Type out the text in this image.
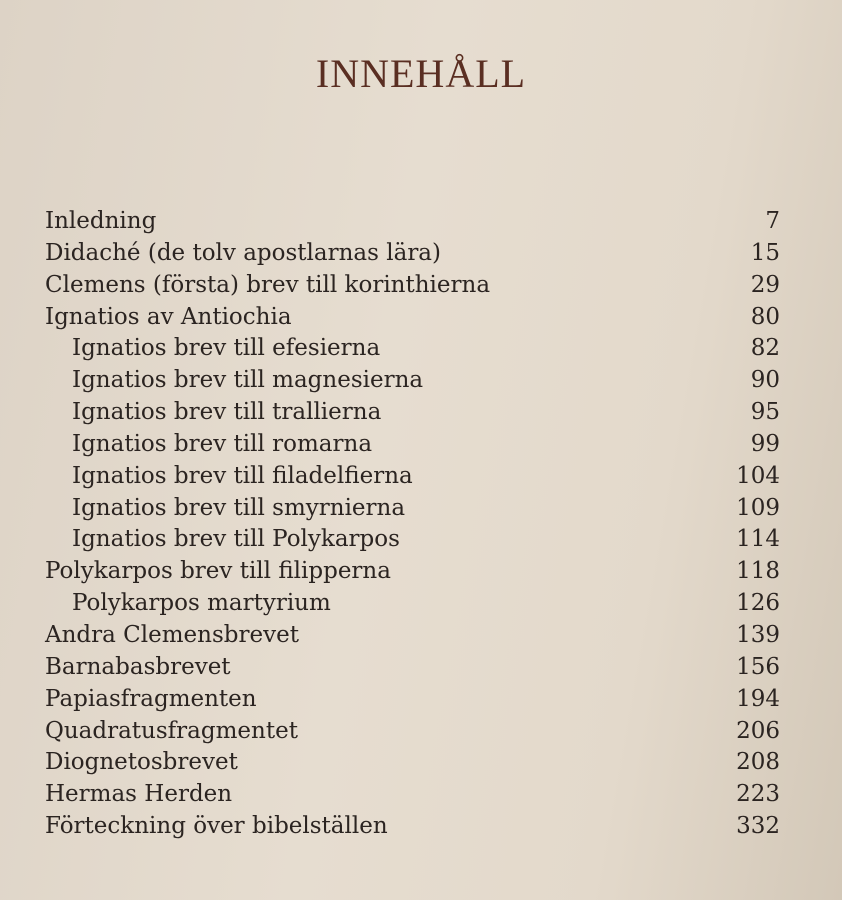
INNEHÅLL
Inledning	7
Didaché (de tolv apostlarnas lära)	15
Clemens (första) brev till korinthierna	29
Ignatios av Antiochia	80
Ignatios brev till efesierna	82
Ignatios brev till magnesierna	90
Ignatios brev till trallierna	95
Ignatios brev till romarna	99
Ignatios brev till filadelfierna	104
Ignatios brev till smyrnierna	109
Ignatios brev till Polykarpos	114
Polykarpos brev till filipperna	118
Polykarpos martyrium	126
Andra Clemensbrevet	139
Barnabasbrevet	156
Papiasfragmenten	194
Quadratusfragmentet	206
Diognetosbrevet	208
Hermas Herden	223
Förteckning över bibelställen	332
